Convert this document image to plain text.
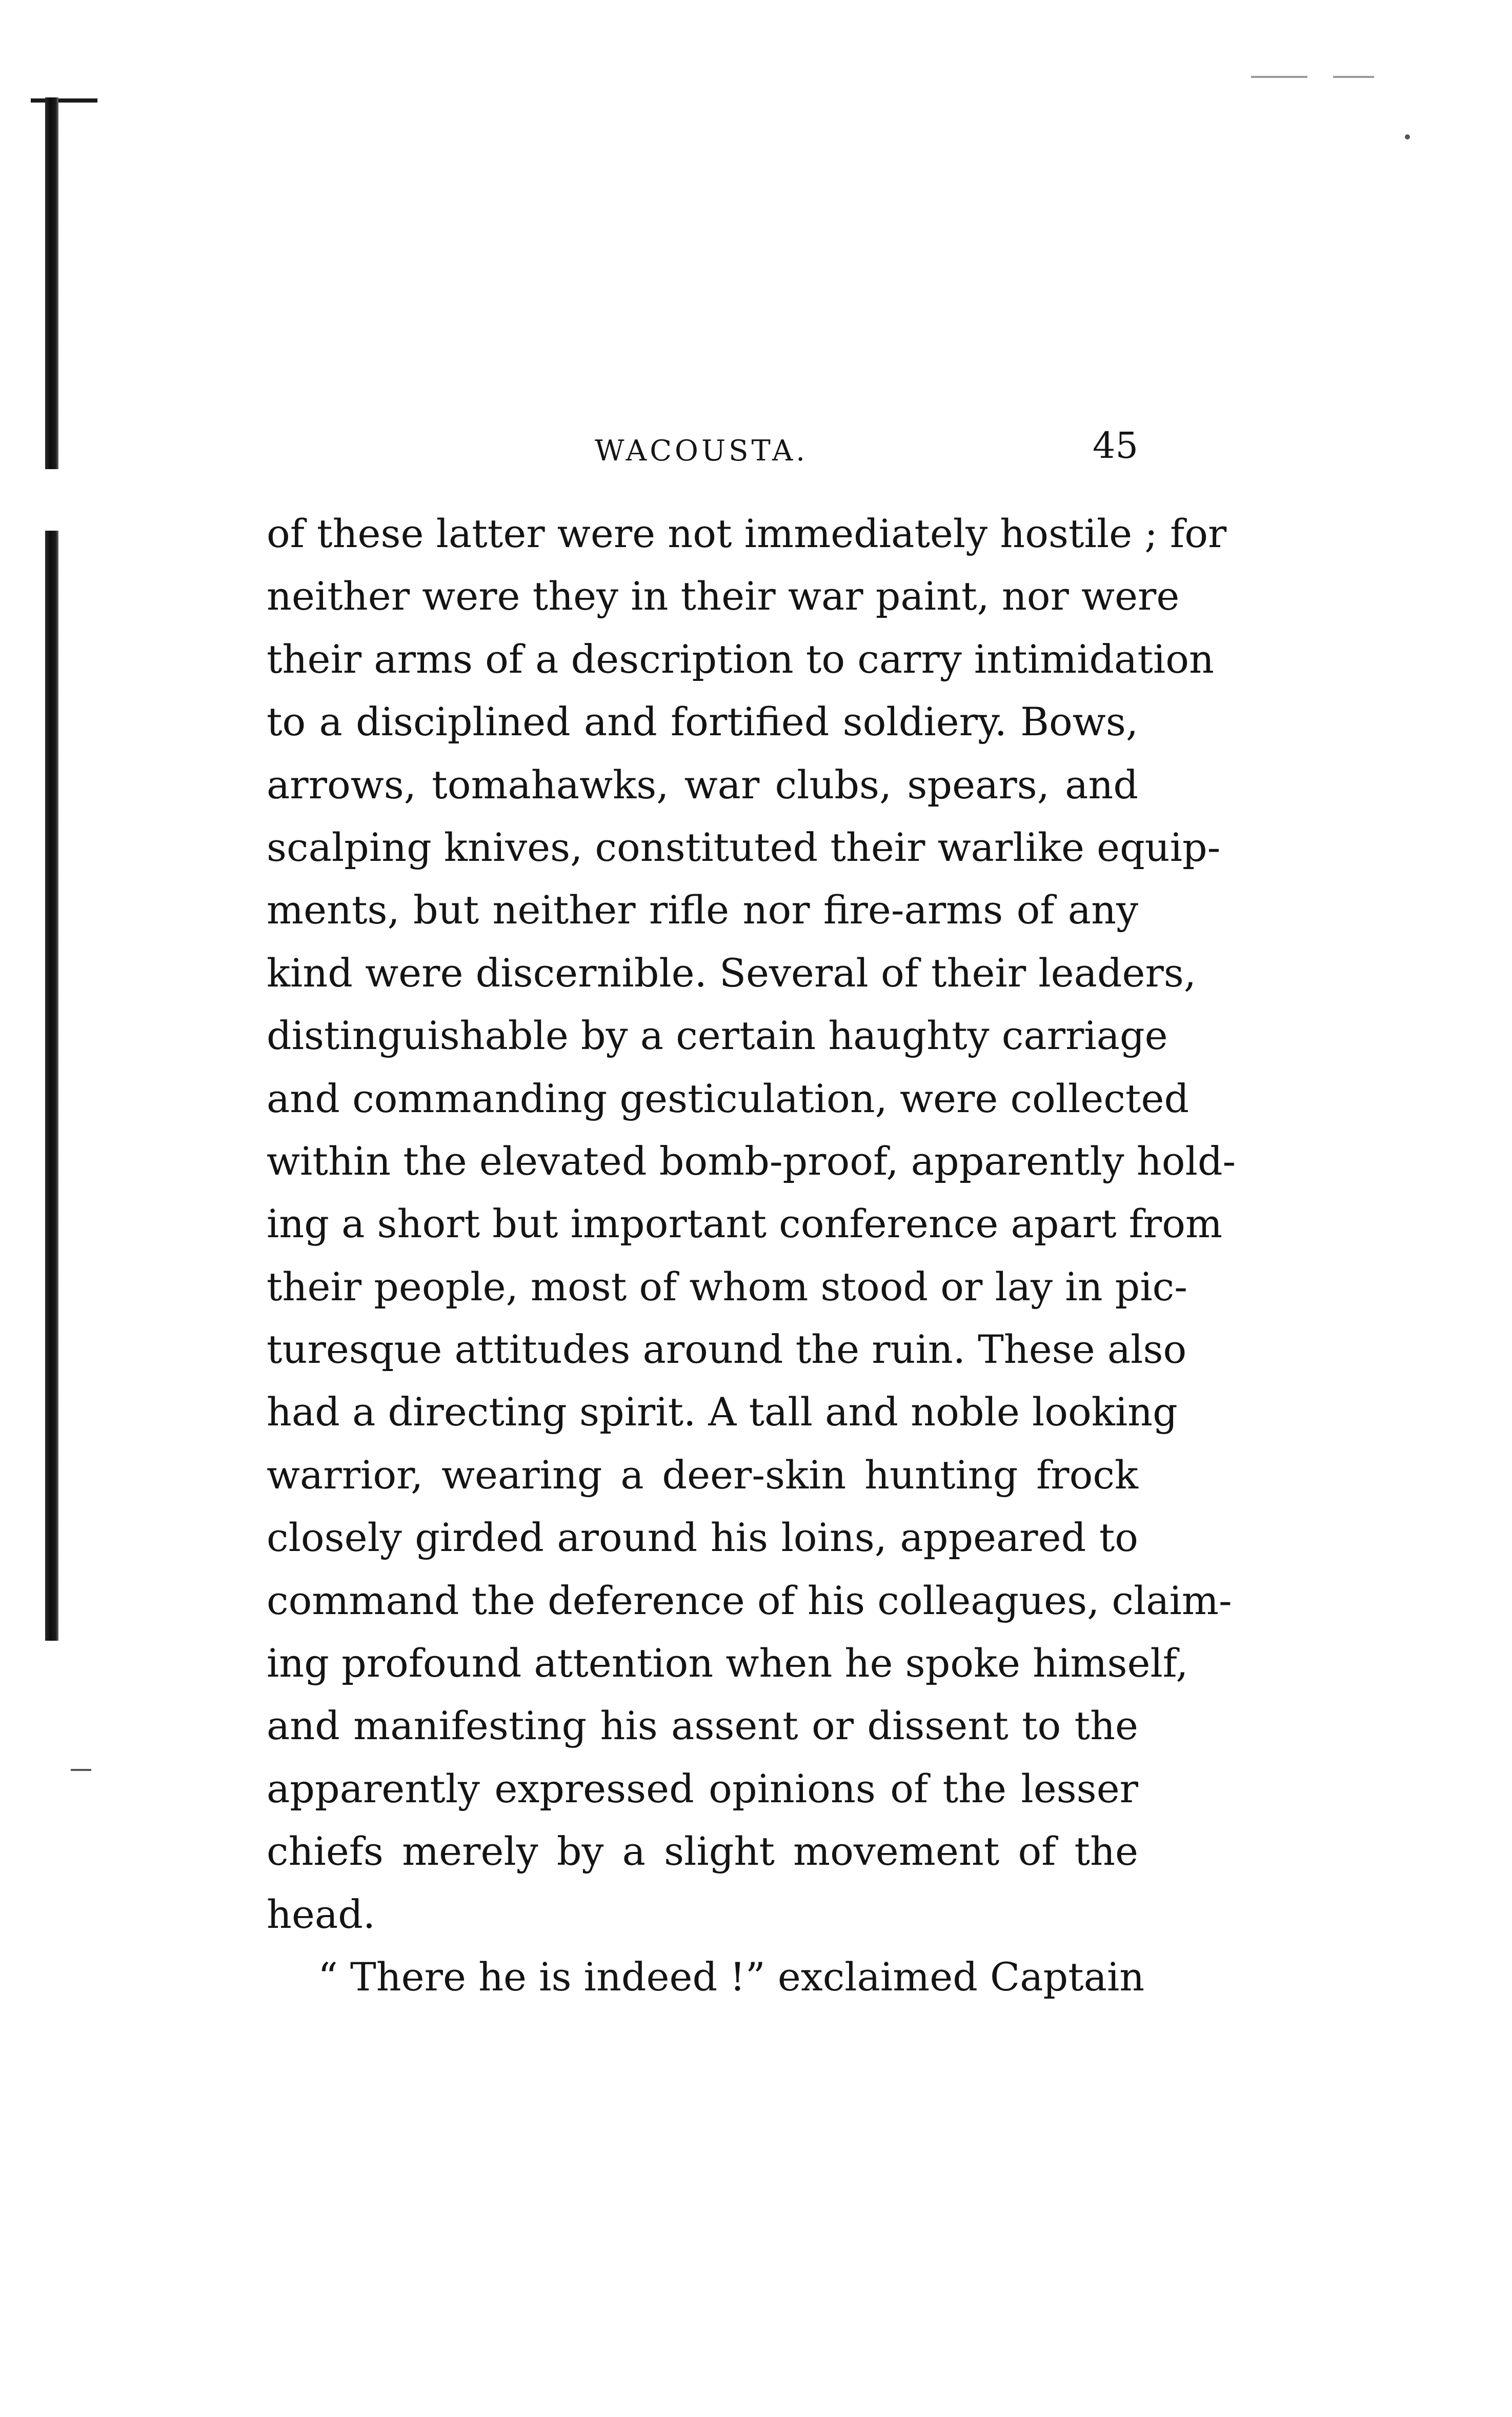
WACOUSTA.	45
of these latter were not immediately hostile ; for
neither were they in their war paint, nor were
their arms of a description to carry intimidation
to a disciplined and fortified soldiery. Bows,
arrows, tomahawks, war clubs, spears, and
scalping knives, constituted their warlike equip-
ments, but neither rifle nor fire-arms of any
kind were discernible. Several of their leaders,
distinguishable by a certain haughty carriage
and commanding gesticulation, were collected
within the elevated bomb-proof, apparently hold-
ing a short but important conference apart from
their people, most of whom stood or lay in pic-
turesque attitudes around the ruin. These also
had a directing spirit. A tall and noble looking
warrior, wearing a deer-skin hunting frock
closely girded around his loins, appeared to
command the deference of his colleagues, claim-
ing profound attention when he spoke himself,
and manifesting his assent or dissent to the
apparently expressed opinions of the lesser
chiefs merely by a slight movement of the
head.
“ There he is indeed !” exclaimed Captain
